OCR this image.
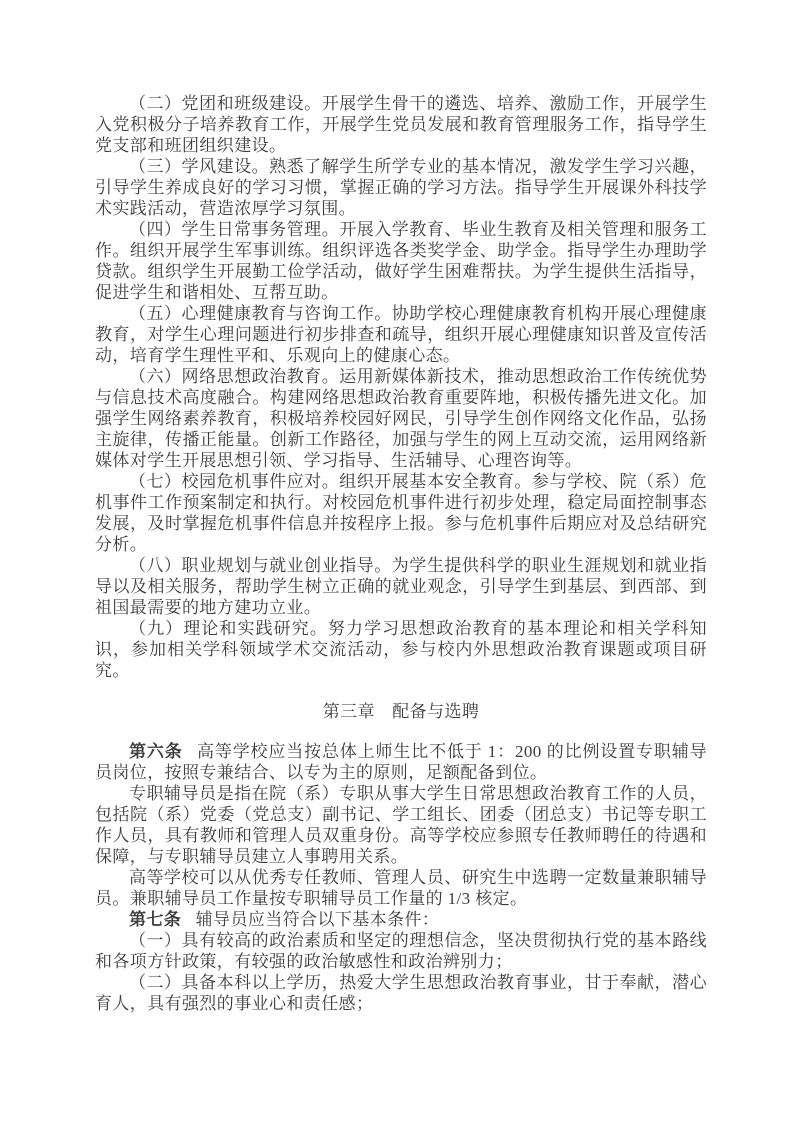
（二）党团和班级建设。开展学生骨干的遴选、培养、激励工作，开展学生入党积极分子培养教育工作，开展学生党员发展和教育管理服务工作，指导学生党支部和班团组织建设。

（三）学风建设。熟悉了解学生所学专业的基本情况，激发学生学习兴趣，引导学生养成良好的学习习惯，掌握正确的学习方法。指导学生开展课外科技学术实践活动，营造浓厚学习氛围。

（四）学生日常事务管理。开展入学教育、毕业生教育及相关管理和服务工作。组织开展学生军事训练。组织评选各类奖学金、助学金。指导学生办理助学贷款。组织学生开展勤工俭学活动，做好学生困难帮扶。为学生提供生活指导，促进学生和谐相处、互帮互助。

（五）心理健康教育与咨询工作。协助学校心理健康教育机构开展心理健康教育，对学生心理问题进行初步排查和疏导，组织开展心理健康知识普及宣传活动，培育学生理性平和、乐观向上的健康心态。

（六）网络思想政治教育。运用新媒体新技术，推动思想政治工作传统优势与信息技术高度融合。构建网络思想政治教育重要阵地，积极传播先进文化。加强学生网络素养教育，积极培养校园好网民，引导学生创作网络文化作品，弘扬主旋律，传播正能量。创新工作路径，加强与学生的网上互动交流，运用网络新媒体对学生开展思想引领、学习指导、生活辅导、心理咨询等。

（七）校园危机事件应对。组织开展基本安全教育。参与学校、院（系）危机事件工作预案制定和执行。对校园危机事件进行初步处理，稳定局面控制事态发展，及时掌握危机事件信息并按程序上报。参与危机事件后期应对及总结研究分析。

（八）职业规划与就业创业指导。为学生提供科学的职业生涯规划和就业指导以及相关服务，帮助学生树立正确的就业观念，引导学生到基层、到西部、到祖国最需要的地方建功立业。

（九）理论和实践研究。努力学习思想政治教育的基本理论和相关学科知识，参加相关学科领域学术交流活动，参与校内外思想政治教育课题或项目研究。

第三章　配备与选聘

第六条 高等学校应当按总体上师生比不低于 1：200 的比例设置专职辅导员岗位，按照专兼结合、以专为主的原则，足额配备到位。

专职辅导员是指在院（系）专职从事大学生日常思想政治教育工作的人员，包括院（系）党委（党总支）副书记、学工组长、团委（团总支）书记等专职工作人员，具有教师和管理人员双重身份。高等学校应参照专任教师聘任的待遇和保障，与专职辅导员建立人事聘用关系。

高等学校可以从优秀专任教师、管理人员、研究生中选聘一定数量兼职辅导员。兼职辅导员工作量按专职辅导员工作量的 1/3 核定。

第七条 辅导员应当符合以下基本条件：

（一）具有较高的政治素质和坚定的理想信念，坚决贯彻执行党的基本路线和各项方针政策，有较强的政治敏感性和政治辨别力；

（二）具备本科以上学历，热爱大学生思想政治教育事业，甘于奉献，潜心育人，具有强烈的事业心和责任感；
